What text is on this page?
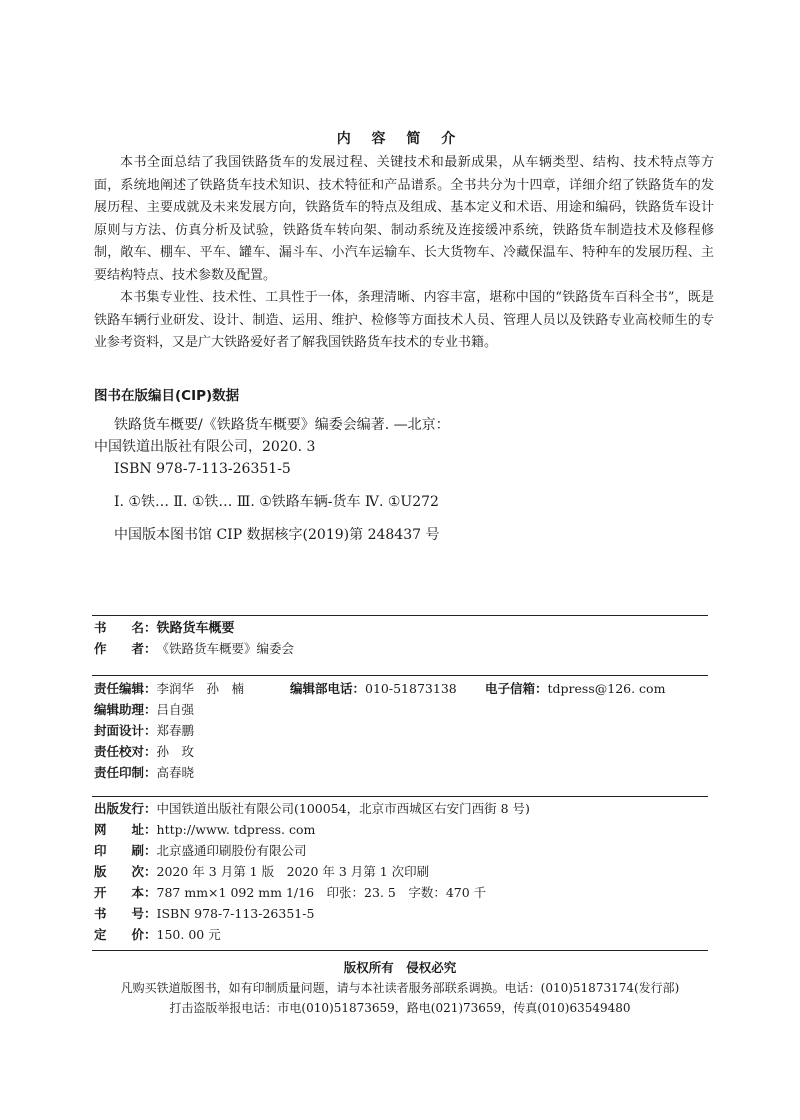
内 容 简 介

本书全面总结了我国铁路货车的发展过程、关键技术和最新成果，从车辆类型、结构、技术特点等方面，系统地阐述了铁路货车技术知识、技术特征和产品谱系。全书共分为十四章，详细介绍了铁路货车的发展历程、主要成就及未来发展方向，铁路货车的特点及组成、基本定义和术语、用途和编码，铁路货车设计原则与方法、仿真分析及试验，铁路货车转向架、制动系统及连接缓冲系统，铁路货车制造技术及修程修制，敞车、棚车、平车、罐车、漏斗车、小汽车运输车、长大货物车、冷藏保温车、特种车的发展历程、主要结构特点、技术参数及配置。

本书集专业性、技术性、工具性于一体，条理清晰、内容丰富，堪称中国的“铁路货车百科全书”，既是铁路车辆行业研发、设计、制造、运用、维护、检修等方面技术人员、管理人员以及铁路专业高校师生的专业参考资料，又是广大铁路爱好者了解我国铁路货车技术的专业书籍。

图书在版编目(CIP)数据
铁路货车概要/《铁路货车概要》编委会编著. —北京：
中国铁道出版社有限公司，2020. 3
ISBN 978-7-113-26351-5
Ⅰ. ①铁… Ⅱ. ①铁… Ⅲ. ①铁路车辆-货车 Ⅳ. ①U272
中国版本图书馆 CIP 数据核字(2019)第 248437 号
书　　名：铁路货车概要
作　　者：《铁路货车概要》编委会
责任编辑：李润华　孙　楠	编辑部电话：010-51873138 电子信箱：tdpress@126. com
编辑助理：吕自强
封面设计：郑春鹏
责任校对：孙　玫
责任印制：高春晓
出版发行：中国铁道出版社有限公司(100054，北京市西城区右安门西街 8 号)
网　　址：http://www. tdpress. com
印　　刷：北京盛通印刷股份有限公司
版　　次：2020 年 3 月第 1 版　2020 年 3 月第 1 次印刷
开　　本：787 mm×1 092 mm 1/16　印张：23. 5　字数：470 千
书　　号：ISBN 978-7-113-26351-5
定　　价：150. 00 元
版权所有　侵权必究
凡购买铁道版图书，如有印制质量问题，请与本社读者服务部联系调换。电话：(010)51873174(发行部)
打击盗版举报电话：市电(010)51873659，路电(021)73659，传真(010)63549480
